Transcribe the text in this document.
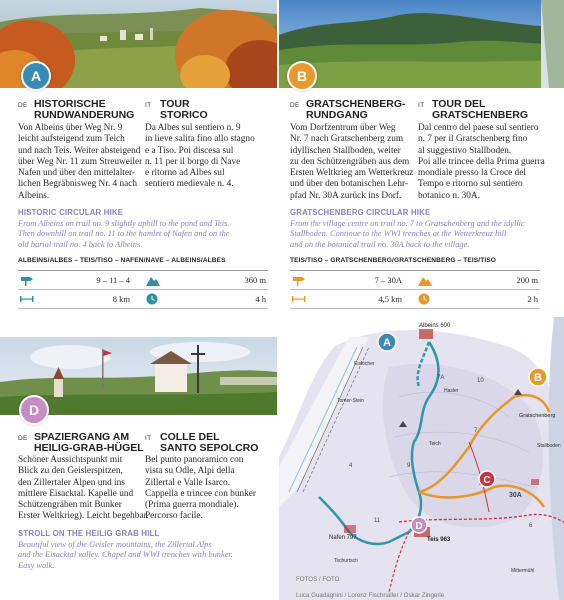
A	B
DE HISTORISCHE
RUNDWANDERUNG
Von Albeins über Weg Nr. 9
leicht aufsteigend zum Teich
und nach Teis. Weiter absteigend
über Weg Nr. 11 zum Streuweiler
Nafen und über den mittelalter-
lichen Begräbnisweg Nr. 4 nach
Albeins.
IT TOUR
STORICO
Da Albes sul sentiero n. 9
in lieve salita fino allo stagno
e a Tiso. Poi discesa sul
n. 11 per il borgo di Nave
e ritorno ad Albes sul
sentiero medievale n. 4.
HISTORIC CIRCULAR HIKE
From Albeins on trail no. 9 slightly uphill to the pond and Teis.
Then downhill on trail no. 11 to the hamlet of Nafen and on the
old burial trail no. 4 back to Albeins.
ALBEINS/ALBES – TEIS/TISO – NAFEN/NAVE – ALBEINS/ALBES
9 – 11 – 4	360 m
8 km	4 h
DE GRATSCHENBERG-
RUNDGANG
Vom Dorfzentrum über Weg
Nr. 7 nach Gratschenberg zum
idyllischen Stallboden, weiter
zu den Schützengräben aus dem
Ersten Weltkrieg am Wetterkreuz
und über den botanischen Lehr-
pfad Nr. 30A zurück ins Dorf.
IT TOUR DEL
GRATSCHENBERG
Dal centro del paese sul sentiero
n. 7 per il Gratschenberg fino
al suggestivo Stallboden.
Poi alle trincee della Prima guerra
mondiale presso la Croce del
Tempo e ritorno sul sentiero
botanico n. 30A.
GRATSCHENBERG CIRCULAR HIKE
From the village centre on trail no. 7 to Gratschenberg and the idyllic
Stallboden. Continue to the WWI trenches at the Wetterkreuz hill
and on the botanical trail no. 30A back to the village.
TEIS/TISO – GRATSCHENBERG/GRATSCHENBERG – TEIS/TISO
7 – 30A	200 m
4,5 km	2 h
D
DE SPAZIERGANG AM
HEILIG-GRAB-HÜGEL
Schöner Aussichtspunkt mit
Blick zu den Geislerspitzen,
den Zillertaler Alpen und ins
mittlere Eisacktal. Kapelle und
Schützengräben mit Bunker
Erster Weltkrieg). Leicht begehbar.
IT COLLE DEL
SANTO SEPOLCRO
Bel punto panoramico con
vista su Odle, Alpi della
Zillertal e Valle Isarco.
Cappella e trincee con bunker
(Prima guerra mondiale).
Percorso facile.
STROLL ON THE HEILIG GRAB HILL
Beautiful view of the Geisler mountains, the Zillertal Alps
and the Eisacktal valley. Chapel and WWI trenches with bunker.
Easy walk.
A
B
C
D
Albeins 600
Eislöcher
Tomer-Stein
Hasler
Teich
Gratschenberg
Stallboden
Teis 963
Nafen 797
Tschurtsch
Mittermühl
7A
9
10
11
7
30A
4
6

FOTOS / FOTO

Luca Guadagnini / Lorenz Fischnaller / Oskar Zingerle
